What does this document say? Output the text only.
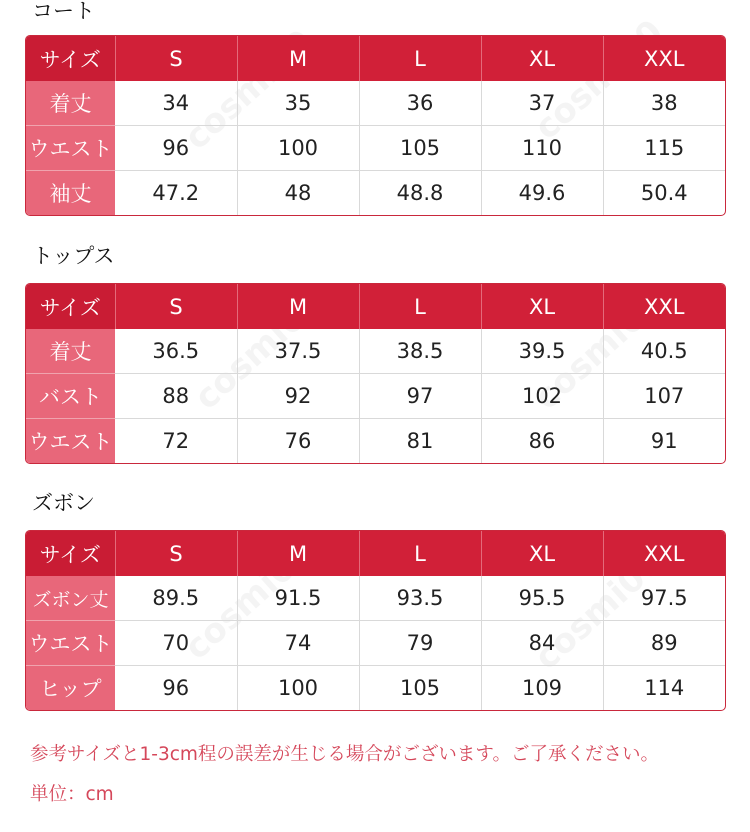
コート
サイズ	S	M	L	XL	XXL
着丈	34	35	36	37	38
ウエスト	96	100	105	110	115
袖丈	47.2	48	48.8	49.6	50.4
トップス
サイズ	S	M	L	XL	XXL
着丈	36.5	37.5	38.5	39.5	40.5
バスト	88	92	97	102	107
ウエスト	72	76	81	86	91
ズボン
サイズ	S	M	L	XL	XXL
ズボン丈	89.5	91.5	93.5	95.5	97.5
ウエスト	70	74	79	84	89
ヒップ	96	100	105	109	114
参考サイズと1-3cm程の誤差が生じる場合がございます。ご了承ください。
単位：cm
